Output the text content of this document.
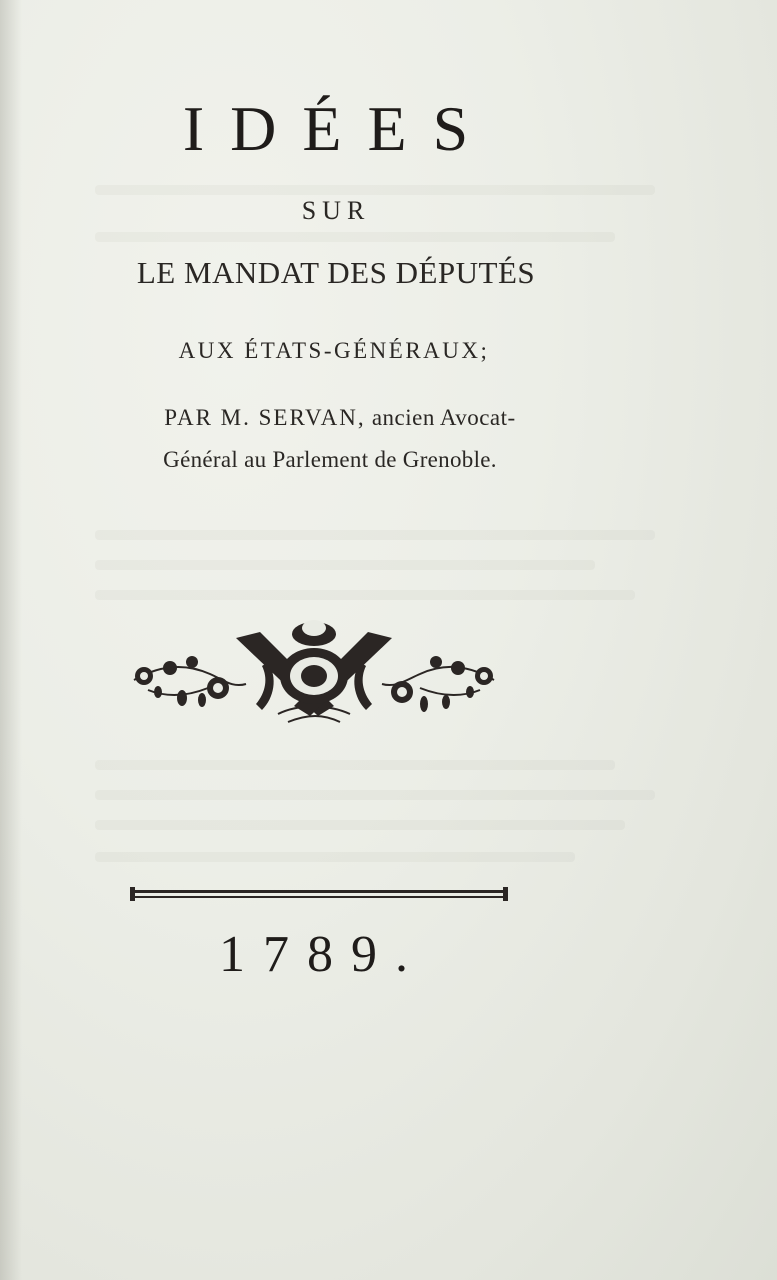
IDÉES
SUR
LE MANDAT DES DÉPUTÉS
AUX ÉTATS-GÉNÉRAUX;
PAR M. SERVAN, ancien Avocat-
Général au Parlement de Grenoble.
1789.
